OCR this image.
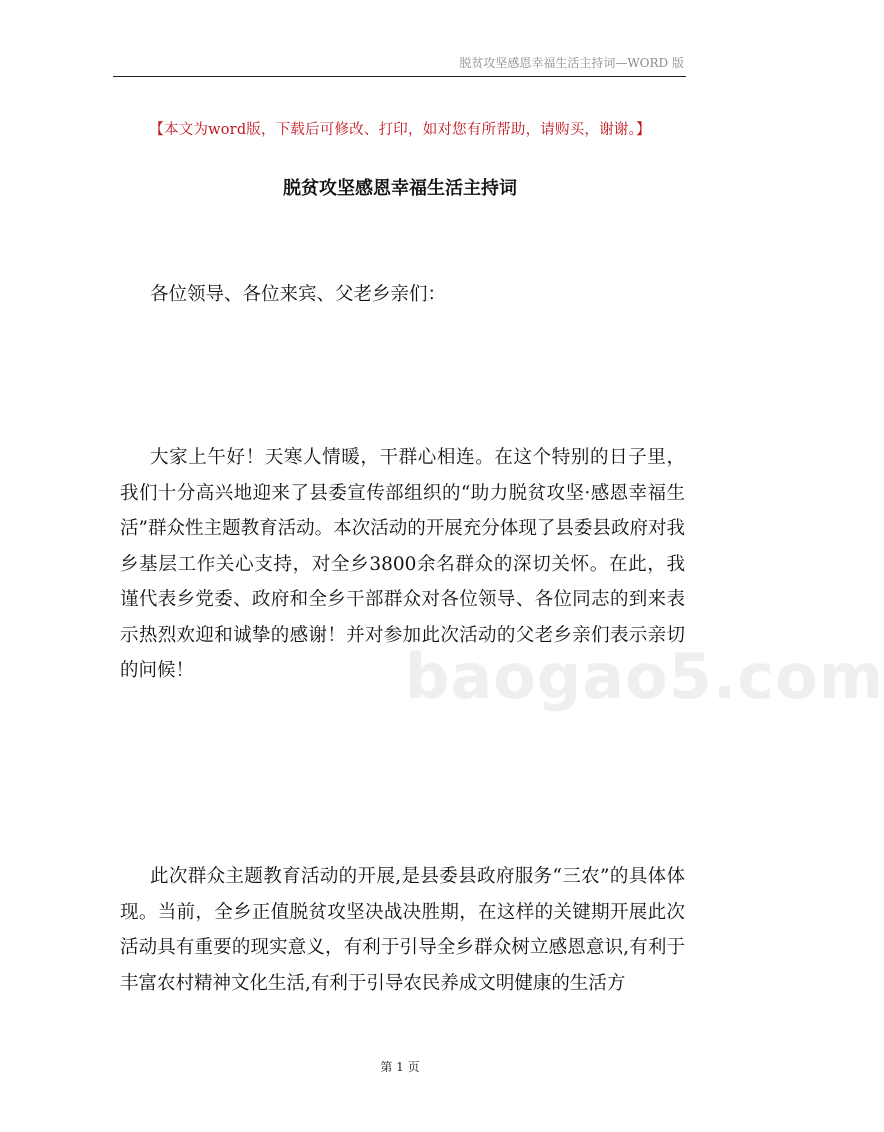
脱贫攻坚感恩幸福生活主持词—WORD 版
【本文为word版，下载后可修改、打印，如对您有所帮助，请购买，谢谢。】
脱贫攻坚感恩幸福生活主持词
各位领导、各位来宾、父老乡亲们：
大家上午好！天寒人情暖，干群心相连。在这个特别的日子里，我们十分高兴地迎来了县委宣传部组织的“助力脱贫攻坚·感恩幸福生活”群众性主题教育活动。本次活动的开展充分体现了县委县政府对我乡基层工作关心支持，对全乡3800余名群众的深切关怀。在此，我谨代表乡党委、政府和全乡干部群众对各位领导、各位同志的到来表示热烈欢迎和诚挚的感谢！并对参加此次活动的父老乡亲们表示亲切的问候！
此次群众主题教育活动的开展,是县委县政府服务“三农”的具体体现。当前，全乡正值脱贫攻坚决战决胜期，在这样的关键期开展此次活动具有重要的现实意义，有利于引导全乡群众树立感恩意识,有利于丰富农村精神文化生活,有利于引导农民养成文明健康的生活方
baogao5.com
第 1 页
